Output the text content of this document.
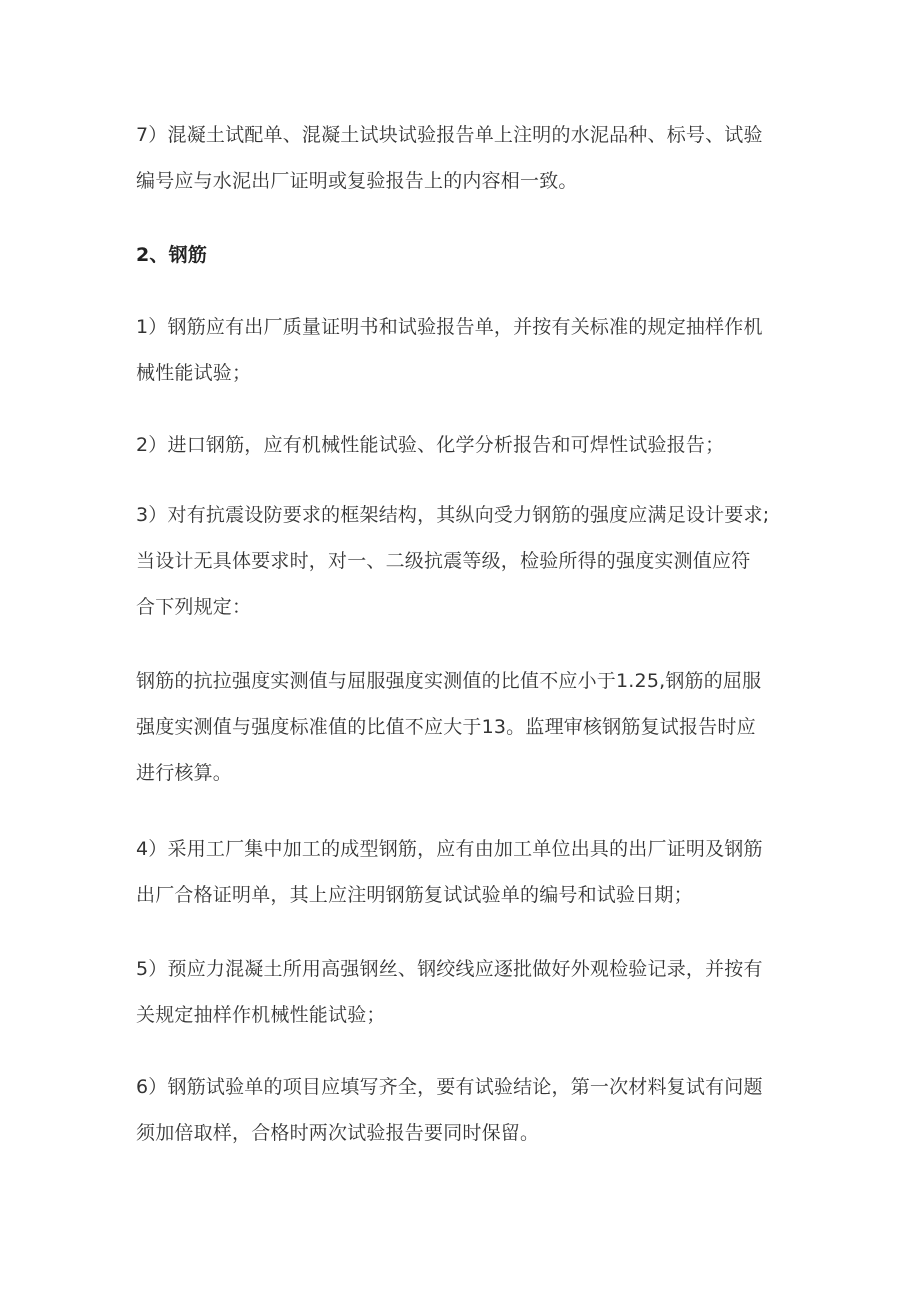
7）混凝土试配单、混凝土试块试验报告单上注明的水泥品种、标号、试验
编号应与水泥出厂证明或复验报告上的内容相一致。
2、钢筋
1）钢筋应有出厂质量证明书和试验报告单，并按有关标准的规定抽样作机
械性能试验；
2）进口钢筋，应有机械性能试验、化学分析报告和可焊性试验报告；
3）对有抗震设防要求的框架结构，其纵向受力钢筋的强度应满足设计要求;
当设计无具体要求时，对一、二级抗震等级，检验所得的强度实测值应符
合下列规定：
钢筋的抗拉强度实测值与屈服强度实测值的比值不应小于1.25,钢筋的屈服
强度实测值与强度标准值的比值不应大于13。监理审核钢筋复试报告时应
进行核算。
4）采用工厂集中加工的成型钢筋，应有由加工单位出具的出厂证明及钢筋
出厂合格证明单，其上应注明钢筋复试试验单的编号和试验日期；
5）预应力混凝土所用高强钢丝、钢绞线应逐批做好外观检验记录，并按有
关规定抽样作机械性能试验；
6）钢筋试验单的项目应填写齐全，要有试验结论，第一次材料复试有问题
须加倍取样，合格时两次试验报告要同时保留。
